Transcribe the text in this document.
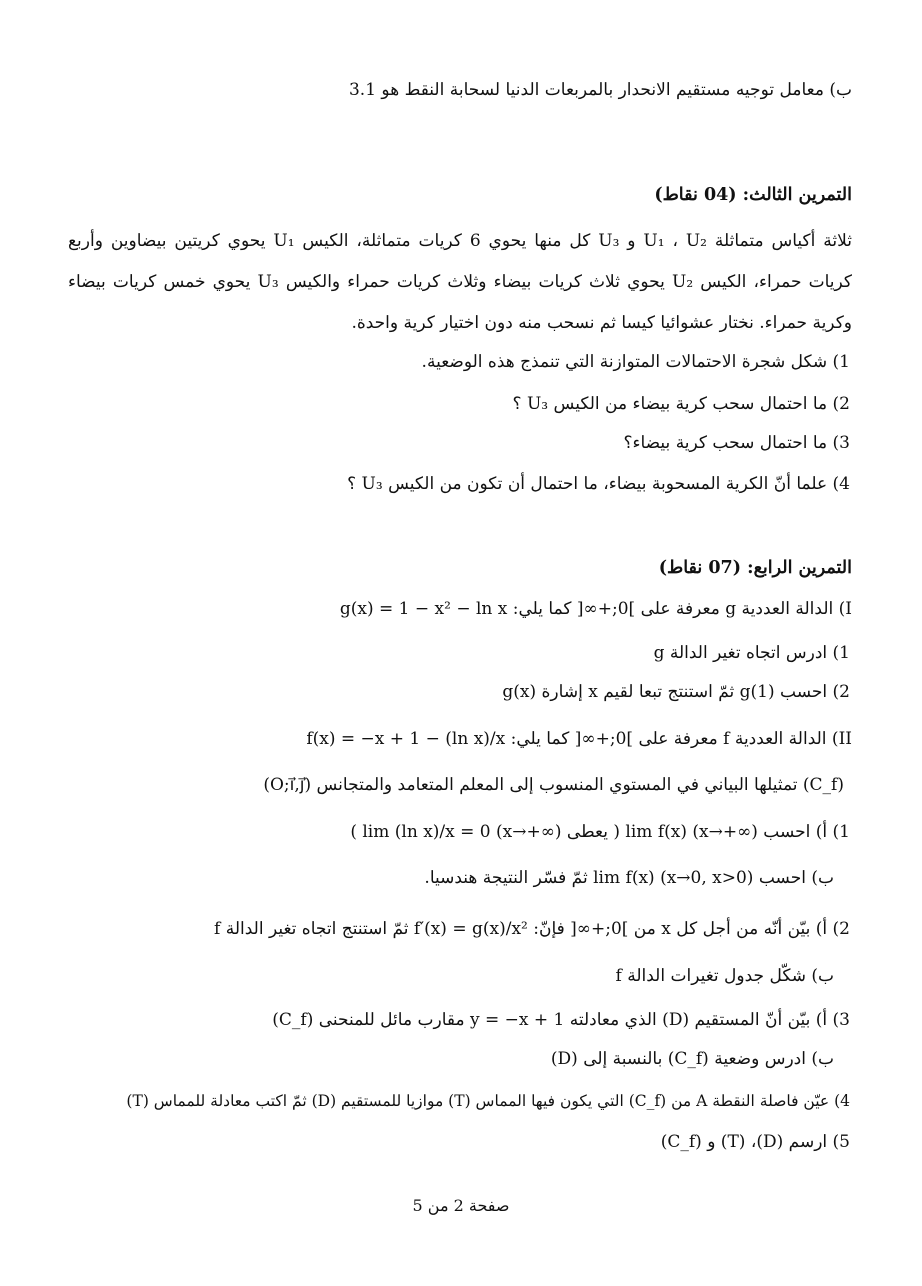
ب) معامل توجيه مستقيم الانحدار بالمربعات الدنيا لسحابة النقط هو 3.1
التمرين الثالث: (04 نقاط)
ثلاثة أكياس متماثلة U₁ ، U₂ و U₃ كل منها يحوي 6 كريات متماثلة، الكيس U₁ يحوي كريتين بيضاوين وأربع
كريات حمراء، الكيس U₂ يحوي ثلاث كريات بيضاء وثلاث كريات حمراء والكيس U₃ يحوي خمس كريات بيضاء
وكرية حمراء. نختار عشوائيا كيسا ثم نسحب منه دون اختيار كرية واحدة.
1) شكل شجرة الاحتمالات المتوازنة التي تنمذج هذه الوضعية.
2) ما احتمال سحب كرية بيضاء من الكيس U₃ ؟
3) ما احتمال سحب كرية بيضاء؟
4) علما أنّ الكرية المسحوبة بيضاء، ما احتمال أن تكون من الكيس U₃ ؟
التمرين الرابع: (07 نقاط)
I) الدالة العددية g معرفة على ]0;+∞[ كما يلي: g(x) = 1 − x² − ln x
1) ادرس اتجاه تغير الدالة g
2) احسب g(1) ثمّ استنتج تبعا لقيم x إشارة g(x)
II) الدالة العددية f معرفة على ]0;+∞[ كما يلي: f(x) = −x + 1 − (ln x)/x
(C_f) تمثيلها البياني في المستوي المنسوب إلى المعلم المتعامد والمتجانس (O;i⃗,j⃗)
1) أ) احسب lim f(x) (x→+∞) ( يعطى lim (ln x)/x = 0 (x→+∞) )
ب) احسب lim f(x) (x→0, x>0) ثمّ فسّر النتيجة هندسيا.
2) أ) بيّن أنّه من أجل كل x من ]0;+∞[ فإنّ: f′(x) = g(x)/x² ثمّ استنتج اتجاه تغير الدالة f
ب) شكّل جدول تغيرات الدالة f
3) أ) بيّن أنّ المستقيم (D) الذي معادلته y = −x + 1 مقارب مائل للمنحنى (C_f)
ب) ادرس وضعية (C_f) بالنسبة إلى (D)
4) عيّن فاصلة النقطة A من (C_f) التي يكون فيها المماس (T) موازيا للمستقيم (D) ثمّ اكتب معادلة للمماس (T)
5) ارسم (D)، (T) و (C_f)
صفحة 2 من 5
